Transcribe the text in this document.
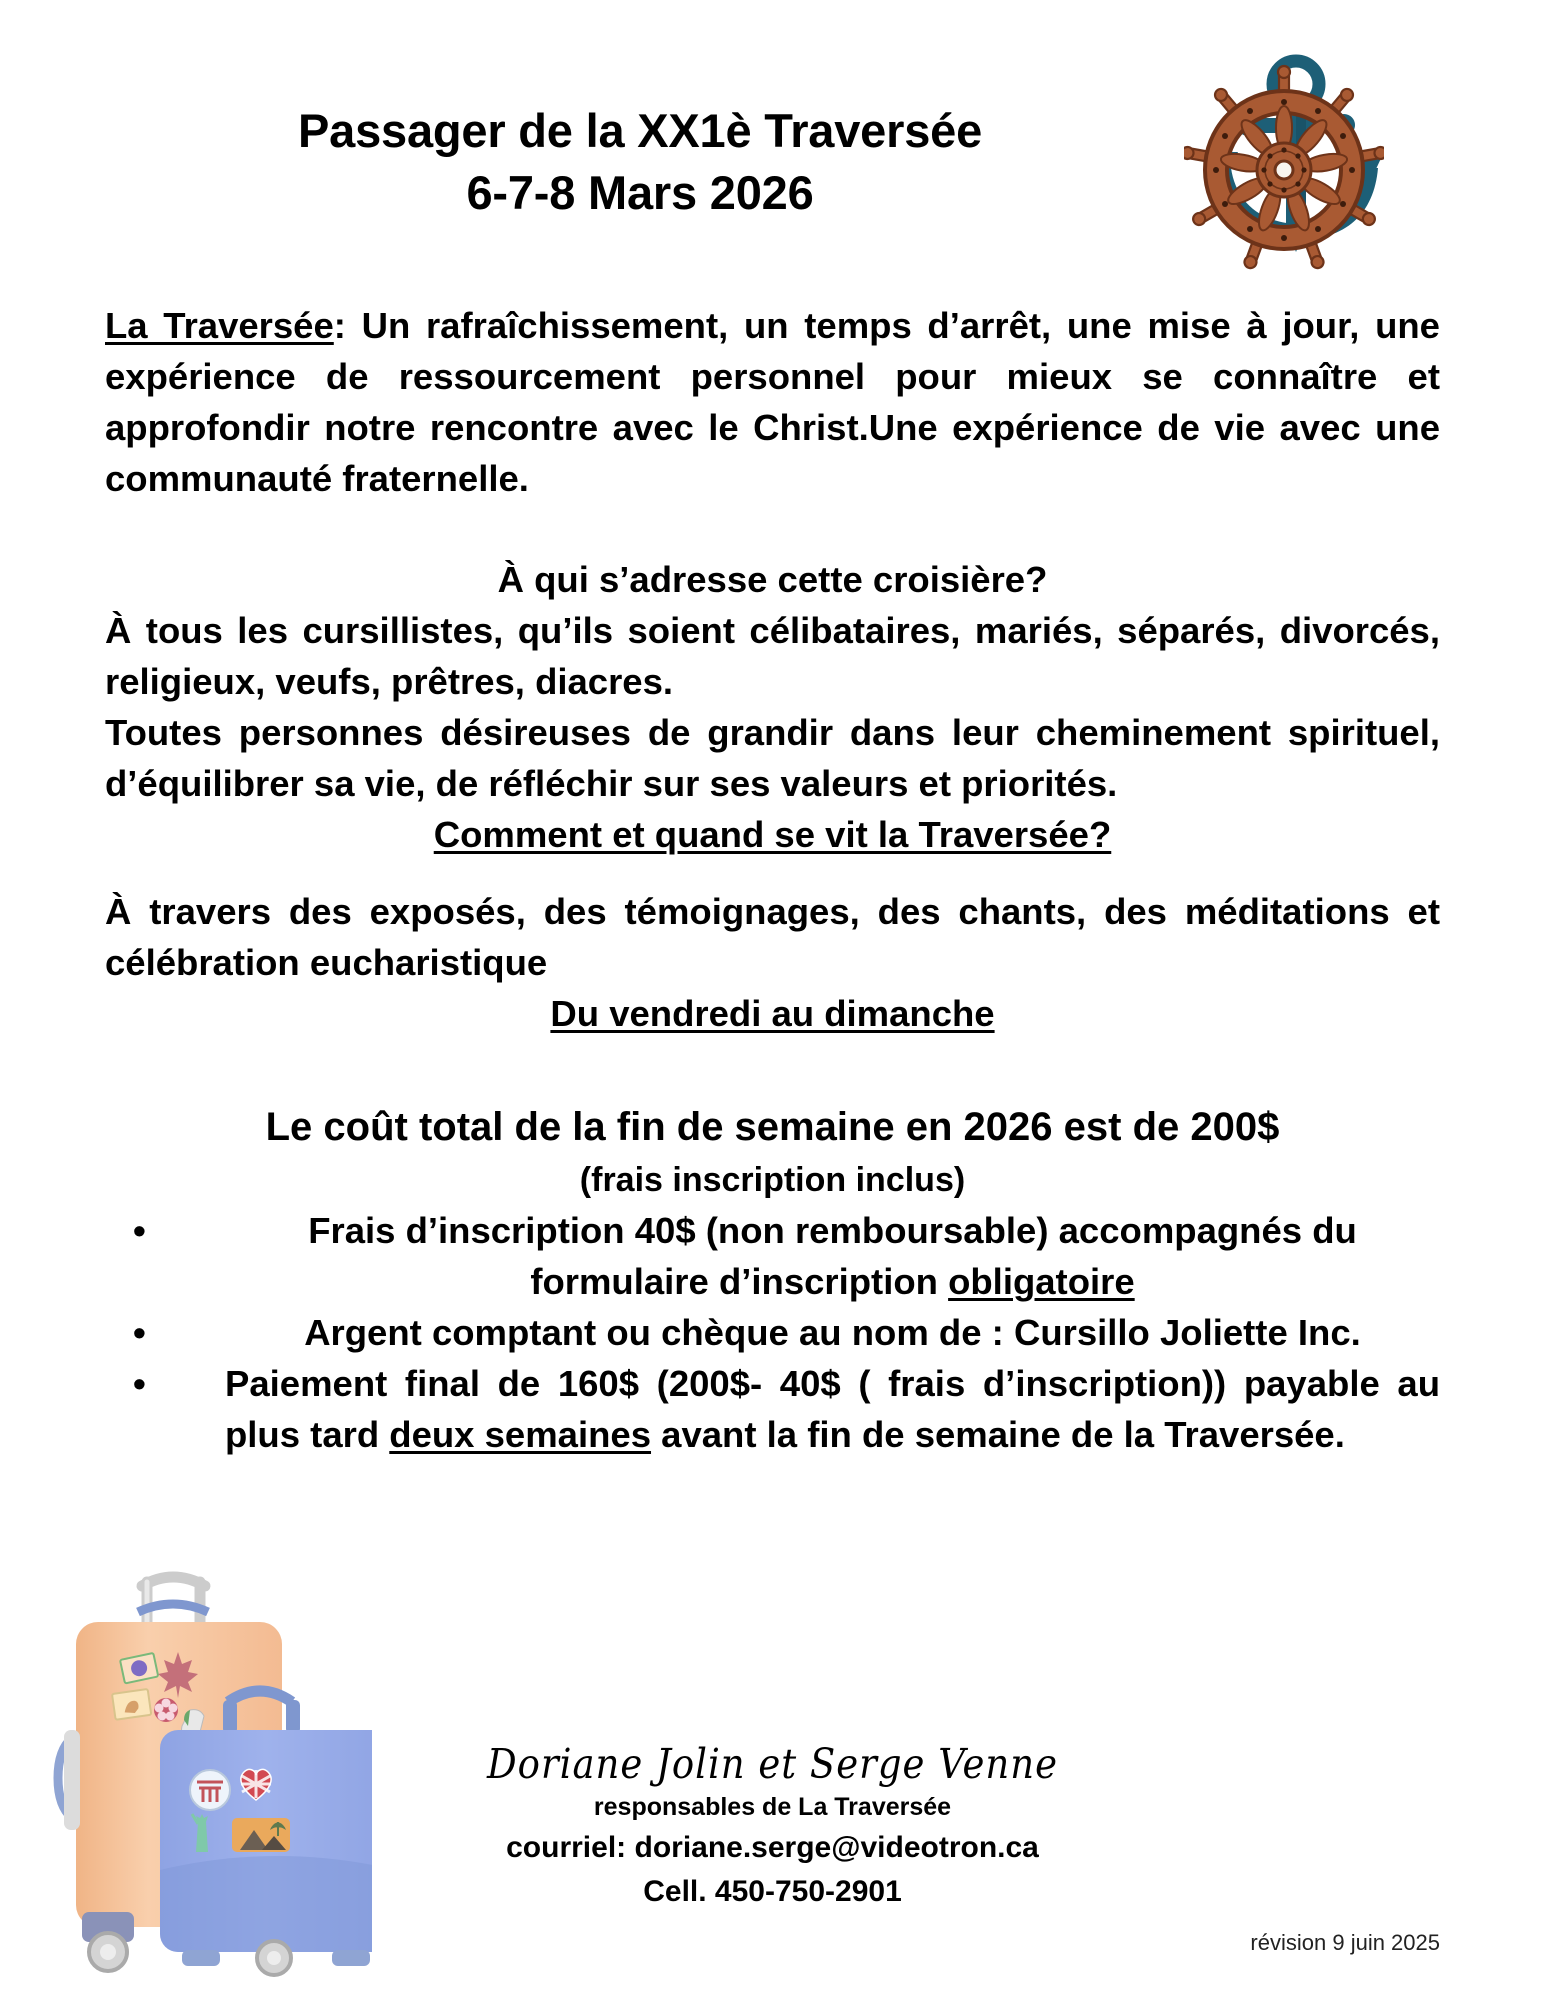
Passager de la XX1è Traversée
6-7-8 Mars 2026

La Traversée: Un rafraîchissement, un temps d’arrêt, une mise à jour, une expérience de ressourcement personnel pour mieux se connaître et approfondir notre rencontre avec le Christ.Une expérience de vie avec une communauté fraternelle.

À qui s’adresse cette croisière?

À tous les cursillistes, qu’ils soient célibataires, mariés, séparés, divorcés, religieux, veufs, prêtres, diacres.

Toutes personnes désireuses de grandir dans leur cheminement spirituel, d’équilibrer sa vie, de réfléchir sur ses valeurs et priorités.

Comment et quand se vit la Traversée?

À travers des exposés, des témoignages, des chants, des méditations et célébration eucharistique

Du vendredi au dimanche

Le coût total de la fin de semaine en 2026 est de 200$

(frais inscription inclus)

• Frais d’inscription 40$ (non remboursable) accompagnés du formulaire d’inscription obligatoire
• Argent comptant ou chèque au nom de : Cursillo Joliette Inc.
• Paiement final de 160$ (200$- 40$ ( frais d’inscription)) payable au plus tard deux semaines avant la fin de semaine de la Traversée.
Doriane Jolin et Serge Venne
responsables de La Traversée
courriel: doriane.serge@videotron.ca
Cell. 450-750-2901
révision 9 juin 2025
